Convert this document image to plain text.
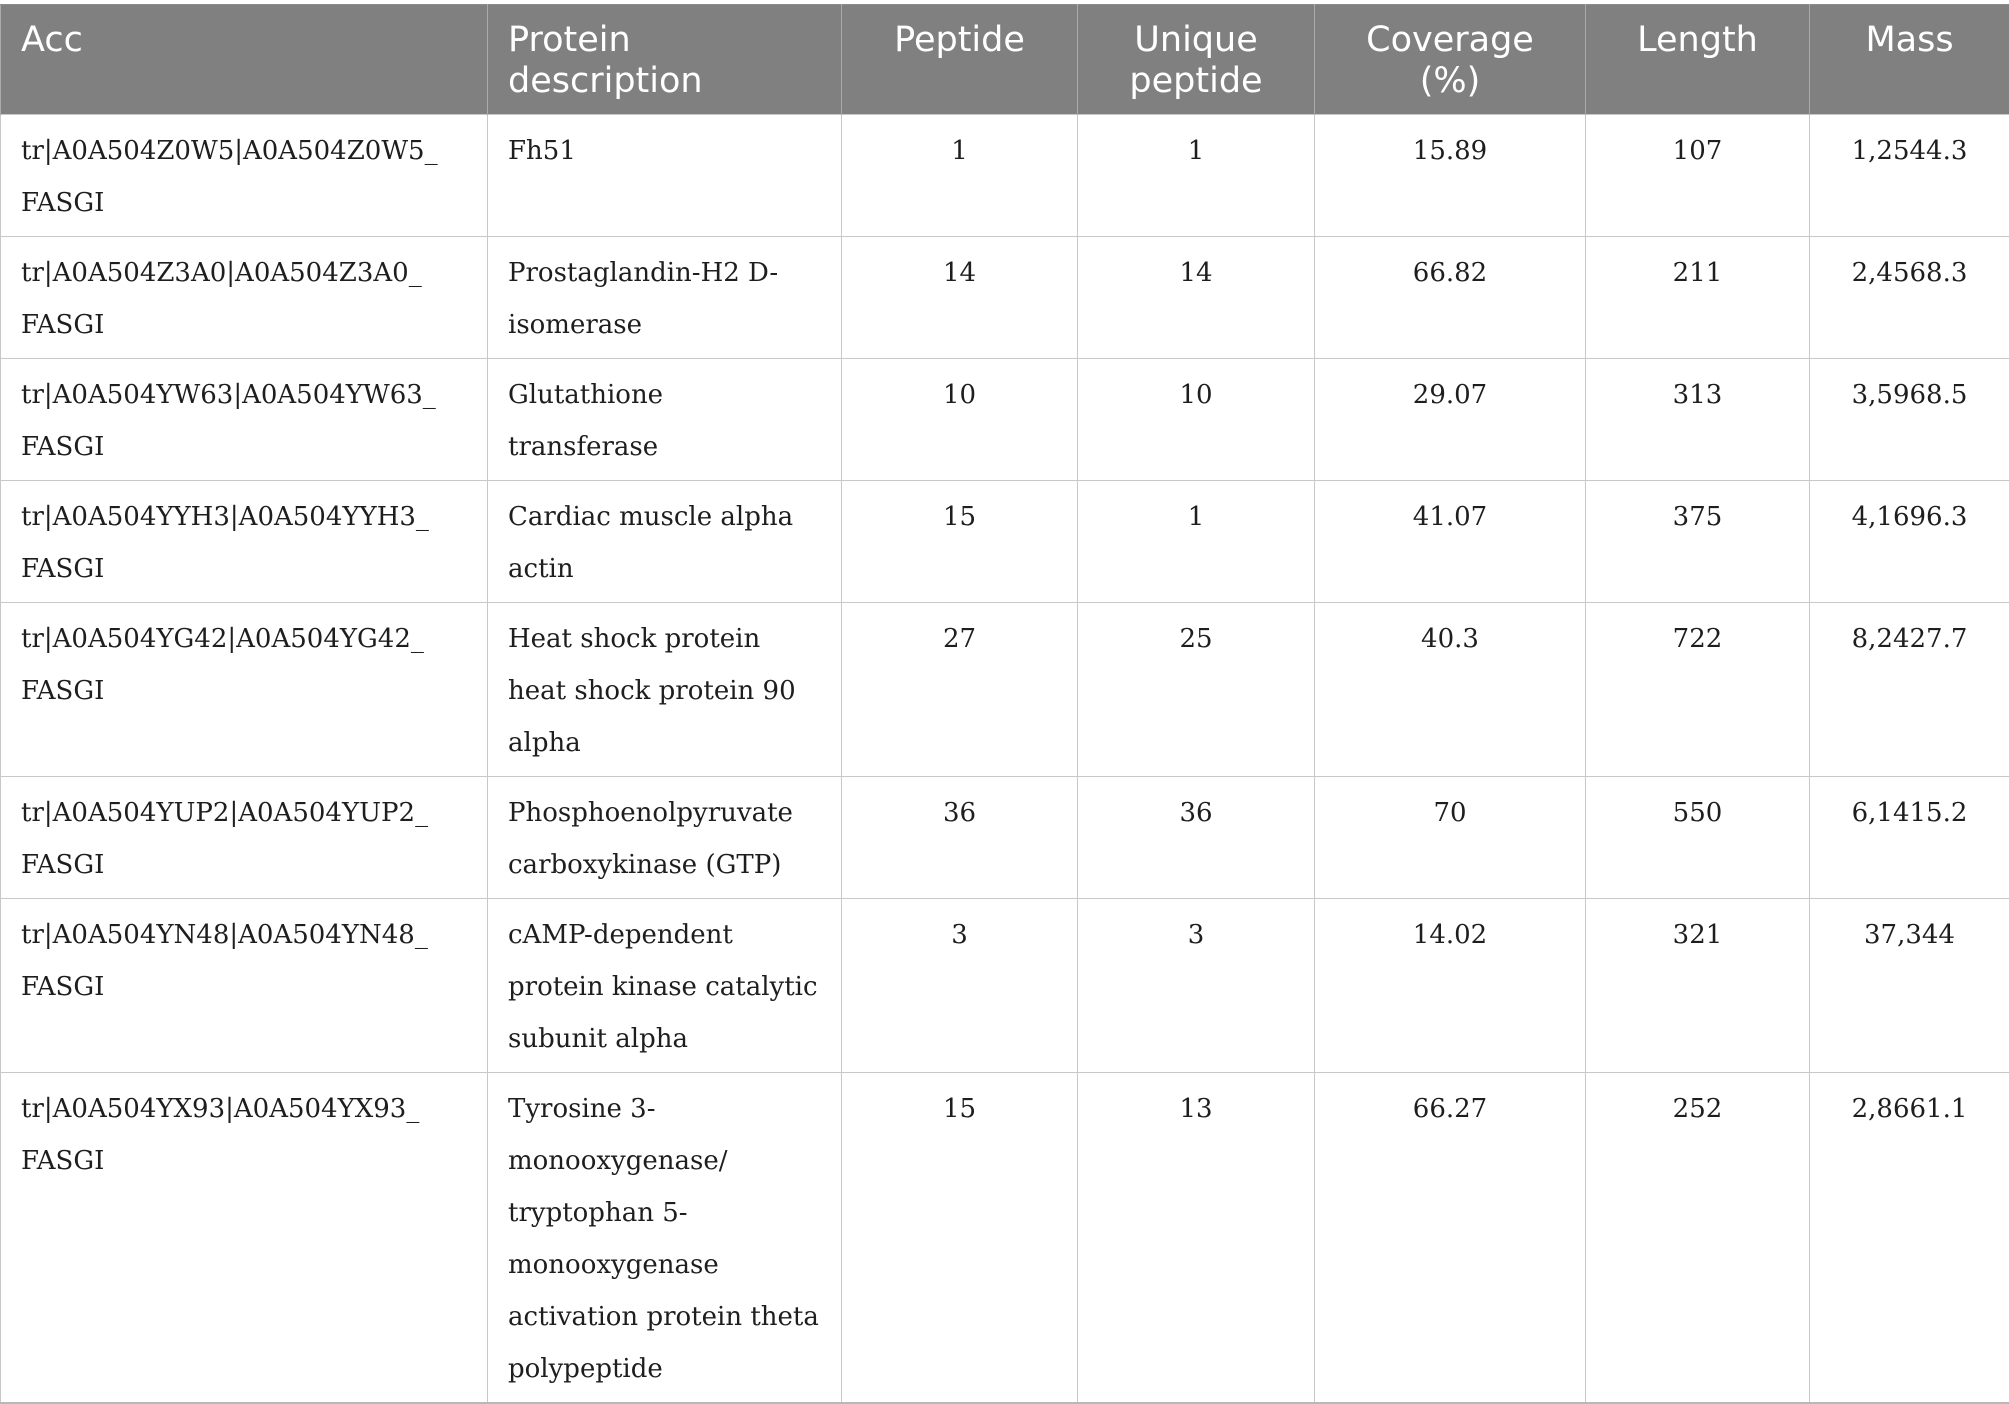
Acc	Protein description	Peptide	Unique peptide	Coverage (%)	Length	Mass
tr|A0A504Z0W5|A0A504Z0W5_FASGI	Fh51	1	1	15.89	107	1,2544.3
tr|A0A504Z3A0|A0A504Z3A0_FASGI	Prostaglandin-H2 D-isomerase	14	14	66.82	211	2,4568.3
tr|A0A504YW63|A0A504YW63_FASGI	Glutathione transferase	10	10	29.07	313	3,5968.5
tr|A0A504YYH3|A0A504YYH3_FASGI	Cardiac muscle alpha actin	15	1	41.07	375	4,1696.3
tr|A0A504YG42|A0A504YG42_FASGI	Heat shock protein heat shock protein 90 alpha	27	25	40.3	722	8,2427.7
tr|A0A504YUP2|A0A504YUP2_FASGI	Phosphoenolpyruvate carboxykinase (GTP)	36	36	70	550	6,1415.2
tr|A0A504YN48|A0A504YN48_FASGI	cAMP-dependent protein kinase catalytic subunit alpha	3	3	14.02	321	37,344
tr|A0A504YX93|A0A504YX93_FASGI	Tyrosine 3-monooxygenase/tryptophan 5-monooxygenase activation protein theta polypeptide	15	13	66.27	252	2,8661.1
